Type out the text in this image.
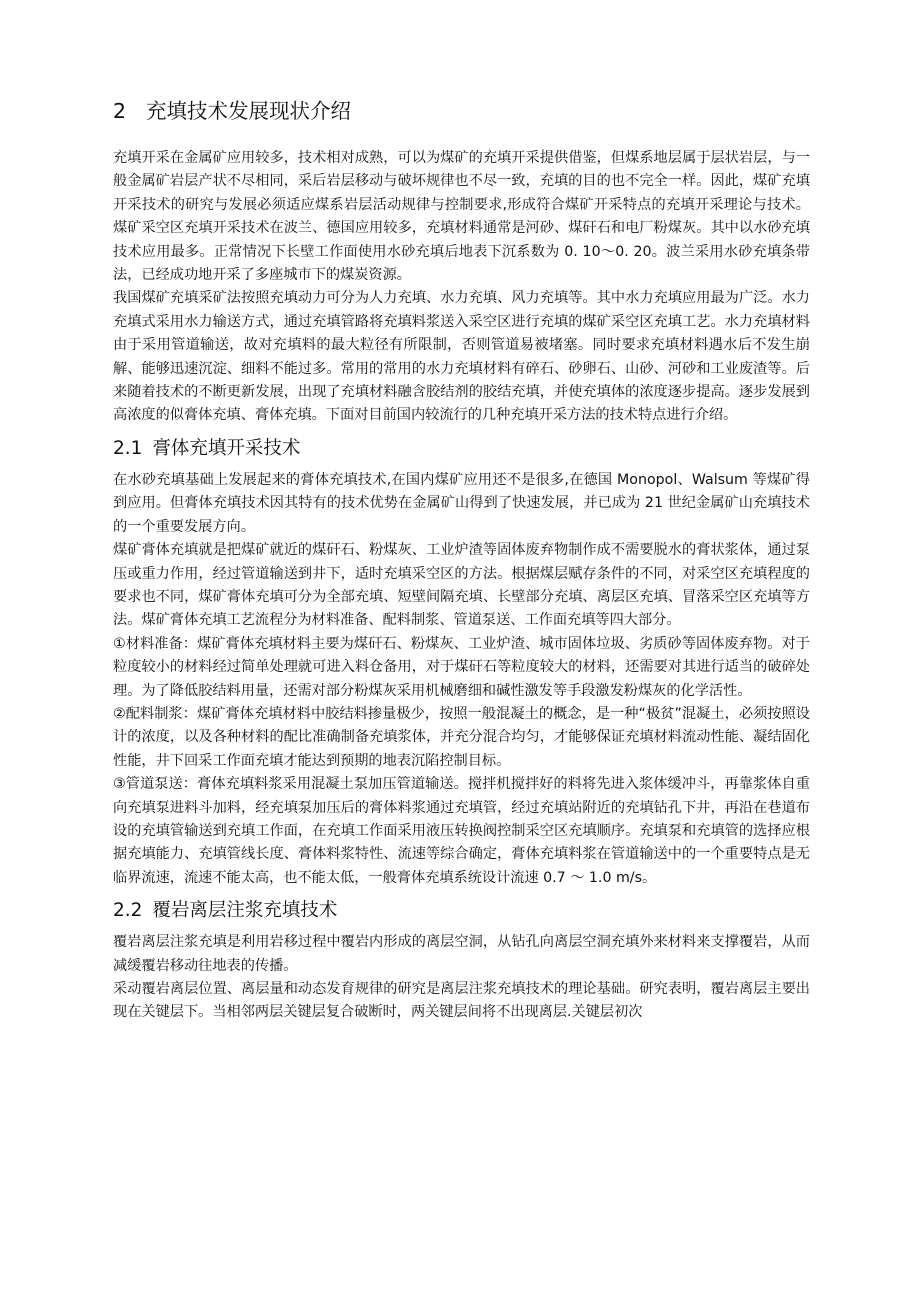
2 充填技术发展现状介绍

充填开采在金属矿应用较多，技术相对成熟，可以为煤矿的充填开采提供借鉴，但煤系地层属于层状岩层，与一般金属矿岩层产状不尽相同，采后岩层移动与破坏规律也不尽一致，充填的目的也不完全一样。因此，煤矿充填开采技术的研究与发展必须适应煤系岩层活动规律与控制要求,形成符合煤矿开采特点的充填开采理论与技术。煤矿采空区充填开采技术在波兰、德国应用较多，充填材料通常是河砂、煤矸石和电厂粉煤灰。其中以水砂充填技术应用最多。正常情况下长壁工作面使用水砂充填后地表下沉系数为 0. 10～0. 20。波兰采用水砂充填条带法，已经成功地开采了多座城市下的煤炭资源。

我国煤矿充填采矿法按照充填动力可分为人力充填、水力充填、风力充填等。其中水力充填应用最为广泛。水力充填式采用水力输送方式，通过充填管路将充填料浆送入采空区进行充填的煤矿采空区充填工艺。水力充填材料由于采用管道输送，故对充填料的最大粒径有所限制，否则管道易被堵塞。同时要求充填材料遇水后不发生崩解、能够迅速沉淀、细料不能过多。常用的常用的水力充填材料有碎石、砂卵石、山砂、河砂和工业废渣等。后来随着技术的不断更新发展，出现了充填材料融含胶结剂的胶结充填，并使充填体的浓度逐步提高。逐步发展到高浓度的似膏体充填、膏体充填。下面对目前国内较流行的几种充填开采方法的技术特点进行介绍。

2.1 膏体充填开采技术

在水砂充填基础上发展起来的膏体充填技术,在国内煤矿应用还不是很多,在德国 Monopol、Walsum 等煤矿得到应用。但膏体充填技术因其特有的技术优势在金属矿山得到了快速发展，并已成为 21 世纪金属矿山充填技术的一个重要发展方向。

煤矿膏体充填就是把煤矿就近的煤矸石、粉煤灰、工业炉渣等固体废弃物制作成不需要脱水的膏状浆体，通过泵压或重力作用，经过管道输送到井下，适时充填采空区的方法。根据煤层赋存条件的不同，对采空区充填程度的要求也不同，煤矿膏体充填可分为全部充填、短壁间隔充填、长壁部分充填、离层区充填、冒落采空区充填等方法。煤矿膏体充填工艺流程分为材料准备、配料制浆、管道泵送、工作面充填等四大部分。

①材料准备：煤矿膏体充填材料主要为煤矸石、粉煤灰、工业炉渣、城市固体垃圾、劣质砂等固体废弃物。对于粒度较小的材料经过简单处理就可进入料仓备用，对于煤矸石等粒度较大的材料，还需要对其进行适当的破碎处理。为了降低胶结料用量，还需对部分粉煤灰采用机械磨细和碱性激发等手段激发粉煤灰的化学活性。

②配料制浆：煤矿膏体充填材料中胶结料掺量极少，按照一般混凝土的概念，是一种“极贫”混凝土，必须按照设计的浓度，以及各种材料的配比准确制备充填浆体，并充分混合均匀，才能够保证充填材料流动性能、凝结固化性能，井下回采工作面充填才能达到预期的地表沉陷控制目标。

③管道泵送：膏体充填料浆采用混凝土泵加压管道输送。搅拌机搅拌好的料将先进入浆体缓冲斗，再靠浆体自重向充填泵进料斗加料，经充填泵加压后的膏体料浆通过充填管，经过充填站附近的充填钻孔下井，再沿在巷道布设的充填管输送到充填工作面，在充填工作面采用液压转换阀控制采空区充填顺序。充填泵和充填管的选择应根据充填能力、充填管线长度、膏体料浆特性、流速等综合确定，膏体充填料浆在管道输送中的一个重要特点是无临界流速，流速不能太高，也不能太低，一般膏体充填系统设计流速 0.7 ～ 1.0 m/s。

2.2 覆岩离层注浆充填技术

覆岩离层注浆充填是利用岩移过程中覆岩内形成的离层空洞，从钻孔向离层空洞充填外来材料来支撑覆岩，从而减缓覆岩移动往地表的传播。

采动覆岩离层位置、离层量和动态发育规律的研究是离层注浆充填技术的理论基础。研究表明，覆岩离层主要出现在关键层下。当相邻两层关键层复合破断时，两关键层间将不出现离层.关键层初次
